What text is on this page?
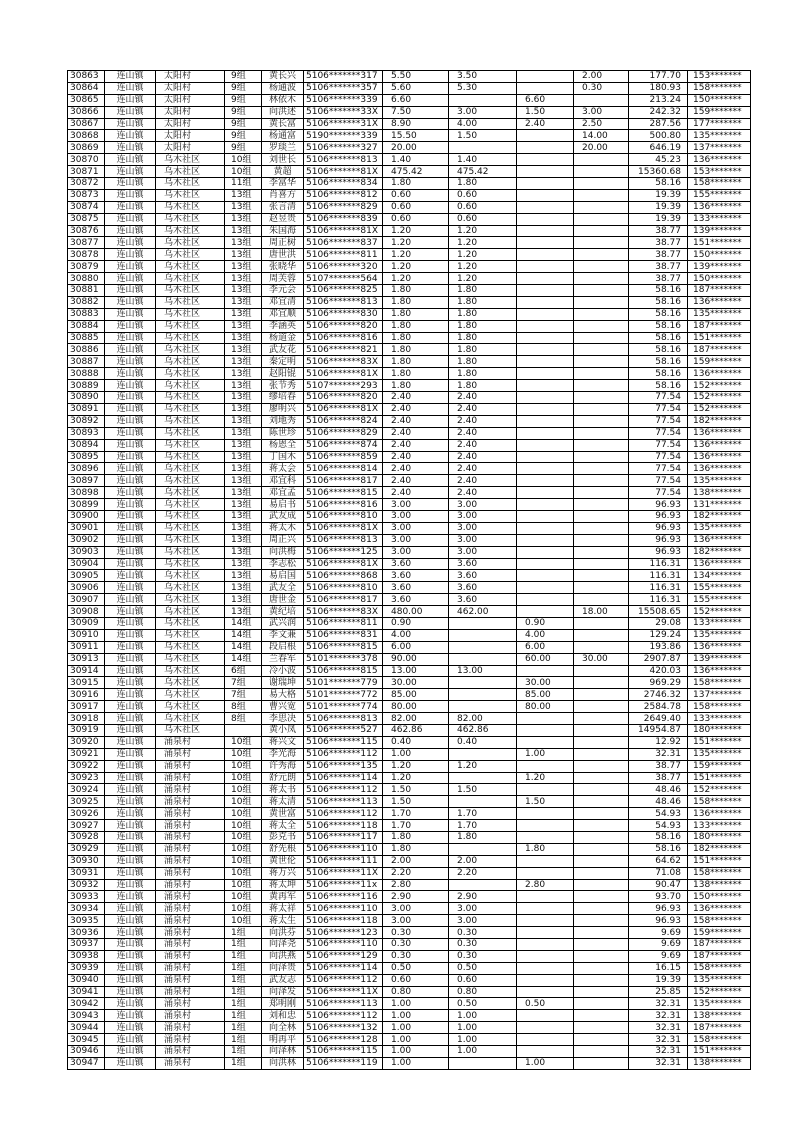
30863	连山镇	太阳村	9组	黄长兴	5106*******317	5.50	3.50		2.00	177.70	153*******
30864	连山镇	太阳村	9组	杨通波	5106*******357	5.60	5.30		0.30	180.93	158*******
30865	连山镇	太阳村	9组	林依木	5106*******339	6.60		6.60		213.24	150*******
30866	连山镇	太阳村	9组	向洪述	5106*******33X	7.50	3.00	1.50	3.00	242.32	159*******
30867	连山镇	太阳村	9组	黄长富	5106*******31X	8.90	4.00	2.40	2.50	287.56	177*******
30868	连山镇	太阳村	9组	杨通富	5190*******339	15.50	1.50		14.00	500.80	135*******
30869	连山镇	太阳村	9组	罗琰兰	5106*******327	20.00			20.00	646.19	137*******
30870	连山镇	乌木社区	10组	刘世长	5106*******813	1.40	1.40			45.23	136*******
30871	连山镇	乌木社区	10组	黄超	5106*******81X	475.42	475.42			15360.68	153*******
30872	连山镇	乌木社区	11组	李富华	5106*******834	1.80	1.80			58.16	158*******
30873	连山镇	乌木社区	13组	肖喜方	5106*******812	0.60	0.60			19.39	155*******
30874	连山镇	乌木社区	13组	张言清	5106*******829	0.60	0.60			19.39	136*******
30875	连山镇	乌木社区	13组	赵昱贵	5106*******839	0.60	0.60			19.39	133*******
30876	连山镇	乌木社区	13组	朱国海	5106*******81X	1.20	1.20			38.77	139*******
30877	连山镇	乌木社区	13组	周正树	5106*******837	1.20	1.20			38.77	151*******
30878	连山镇	乌木社区	13组	唐世洪	5106*******811	1.20	1.20			38.77	150*******
30879	连山镇	乌木社区	13组	张晓华	5106*******320	1.20	1.20			38.77	139*******
30880	连山镇	乌木社区	13组	周芙蓉	5107*******564	1.20	1.20			38.77	150*******
30881	连山镇	乌木社区	13组	李元会	5106*******825	1.80	1.80			58.16	187*******
30882	连山镇	乌木社区	13组	邓宜清	5106*******813	1.80	1.80			58.16	136*******
30883	连山镇	乌木社区	13组	邓宜顺	5106*******830	1.80	1.80			58.16	135*******
30884	连山镇	乌木社区	13组	李涵英	5106*******820	1.80	1.80			58.16	187*******
30885	连山镇	乌木社区	13组	杨道金	5106*******816	1.80	1.80			58.16	151*******
30886	连山镇	乌木社区	13组	武友花	5106*******821	1.80	1.80			58.16	187*******
30887	连山镇	乌木社区	13组	秦定明	5106*******83X	1.80	1.80			58.16	159*******
30888	连山镇	乌木社区	13组	赵阳锟	5106*******81X	1.80	1.80			58.16	136*******
30889	连山镇	乌木社区	13组	张节秀	5107*******293	1.80	1.80			58.16	152*******
30890	连山镇	乌木社区	13组	缪培春	5106*******820	2.40	2.40			77.54	152*******
30891	连山镇	乌木社区	13组	廖明兴	5106*******81X	2.40	2.40			77.54	152*******
30892	连山镇	乌木社区	13组	刘地秀	5106*******824	2.40	2.40			77.54	182*******
30893	连山镇	乌木社区	13组	陈世珍	5106*******829	2.40	2.40			77.54	136*******
30894	连山镇	乌木社区	13组	杨恩全	5106*******874	2.40	2.40			77.54	136*******
30895	连山镇	乌木社区	13组	丁国木	5106*******859	2.40	2.40			77.54	136*******
30896	连山镇	乌木社区	13组	蒋太会	5106*******814	2.40	2.40			77.54	136*******
30897	连山镇	乌木社区	13组	邓宜科	5106*******817	2.40	2.40			77.54	135*******
30898	连山镇	乌木社区	13组	邓宜孟	5106*******815	2.40	2.40			77.54	138*******
30899	连山镇	乌木社区	13组	易启书	5106*******816	3.00	3.00			96.93	131*******
30900	连山镇	乌木社区	13组	武友成	5106*******810	3.00	3.00			96.93	182*******
30901	连山镇	乌木社区	13组	蒋太木	5106*******81X	3.00	3.00			96.93	135*******
30902	连山镇	乌木社区	13组	周正兴	5106*******813	3.00	3.00			96.93	136*******
30903	连山镇	乌木社区	13组	向洪梅	5106*******125	3.00	3.00			96.93	182*******
30904	连山镇	乌木社区	13组	李志松	5106*******81X	3.60	3.60			116.31	136*******
30905	连山镇	乌木社区	13组	易启国	5106*******868	3.60	3.60			116.31	134*******
30906	连山镇	乌木社区	13组	武友全	5106*******810	3.60	3.60			116.31	155*******
30907	连山镇	乌木社区	13组	唐世金	5106*******817	3.60	3.60			116.31	155*******
30908	连山镇	乌木社区	13组	黄纪培	5106*******83X	480.00	462.00		18.00	15508.65	152*******
30909	连山镇	乌木社区	14组	武兴润	5106*******811	0.90		0.90		29.08	133*******
30910	连山镇	乌木社区	14组	李文兼	5106*******831	4.00		4.00		129.24	135*******
30911	连山镇	乌木社区	14组	段启根	5106*******815	6.00		6.00		193.86	136*******
30913	连山镇	乌木社区	14组	兰春军	5101*******378	90.00		60.00	30.00	2907.87	139*******
30914	连山镇	乌木社区	6组	冷小波	5106*******815	13.00	13.00			420.03	136*******
30915	连山镇	乌木社区	7组	谢瑞坤	5101*******779	30.00		30.00		969.29	158*******
30916	连山镇	乌木社区	7组	易大格	5101*******772	85.00		85.00		2746.32	137*******
30917	连山镇	乌木社区	8组	曹兴宽	5101*******774	80.00		80.00		2584.78	158*******
30918	连山镇	乌木社区	8组	李思决	5106*******813	82.00	82.00			2649.40	133*******
30919	连山镇	乌木社区		黄小凤	5106*******527	462.86	462.86			14954.87	180*******
30920	连山镇	涌泉村	10组	蒋兴文	5106*******115	0.40	0.40			12.92	151*******
30921	连山镇	涌泉村	10组	李光海	5106*******112	1.00		1.00		32.31	135*******
30922	连山镇	涌泉村	10组	许秀海	5106*******135	1.20	1.20			38.77	159*******
30923	连山镇	涌泉村	10组	舒元朗	5106*******114	1.20		1.20		38.77	151*******
30924	连山镇	涌泉村	10组	蒋太书	5106*******112	1.50	1.50			48.46	152*******
30925	连山镇	涌泉村	10组	蒋太清	5106*******113	1.50		1.50		48.46	158*******
30926	连山镇	涌泉村	10组	黄世富	5106*******112	1.70	1.70			54.93	136*******
30927	连山镇	涌泉村	10组	蒋太全	5106*******118	1.70	1.70			54.93	133*******
30928	连山镇	涌泉村	10组	彭克书	5106*******117	1.80	1.80			58.16	180*******
30929	连山镇	涌泉村	10组	舒先根	5106*******110	1.80		1.80		58.16	182*******
30930	连山镇	涌泉村	10组	黄世伦	5106*******111	2.00	2.00			64.62	151*******
30931	连山镇	涌泉村	10组	蒋万兴	5106*******11X	2.20	2.20			71.08	158*******
30932	连山镇	涌泉村	10组	蒋太坤	5106*******11x	2.80		2.80		90.47	138*******
30933	连山镇	涌泉村	10组	黄再军	5106*******116	2.90	2.90			93.70	150*******
30934	连山镇	涌泉村	10组	蒋太祥	5106*******110	3.00	3.00			96.93	136*******
30935	连山镇	涌泉村	10组	蒋太生	5106*******118	3.00	3.00			96.93	158*******
30936	连山镇	涌泉村	1组	向洪芬	5106*******123	0.30	0.30			9.69	159*******
30937	连山镇	涌泉村	1组	向泽尧	5106*******110	0.30	0.30			9.69	187*******
30938	连山镇	涌泉村	1组	向洪燕	5106*******129	0.30	0.30			9.69	187*******
30939	连山镇	涌泉村	1组	向泽贵	5106*******114	0.50	0.50			16.15	158*******
30940	连山镇	涌泉村	1组	武友志	5106*******112	0.60	0.60			19.39	135*******
30941	连山镇	涌泉村	1组	向泽发	5106*******11X	0.80	0.80			25.85	152*******
30942	连山镇	涌泉村	1组	郑明刚	5106*******113	1.00	0.50	0.50		32.31	135*******
30943	连山镇	涌泉村	1组	刘和忠	5106*******112	1.00	1.00			32.31	138*******
30944	连山镇	涌泉村	1组	向全林	5106*******132	1.00	1.00			32.31	187*******
30945	连山镇	涌泉村	1组	明再平	5106*******128	1.00	1.00			32.31	158*******
30946	连山镇	涌泉村	1组	向泽林	5106*******115	1.00	1.00			32.31	151*******
30947	连山镇	涌泉村	1组	向洪林	5106*******119	1.00		1.00		32.31	138*******
